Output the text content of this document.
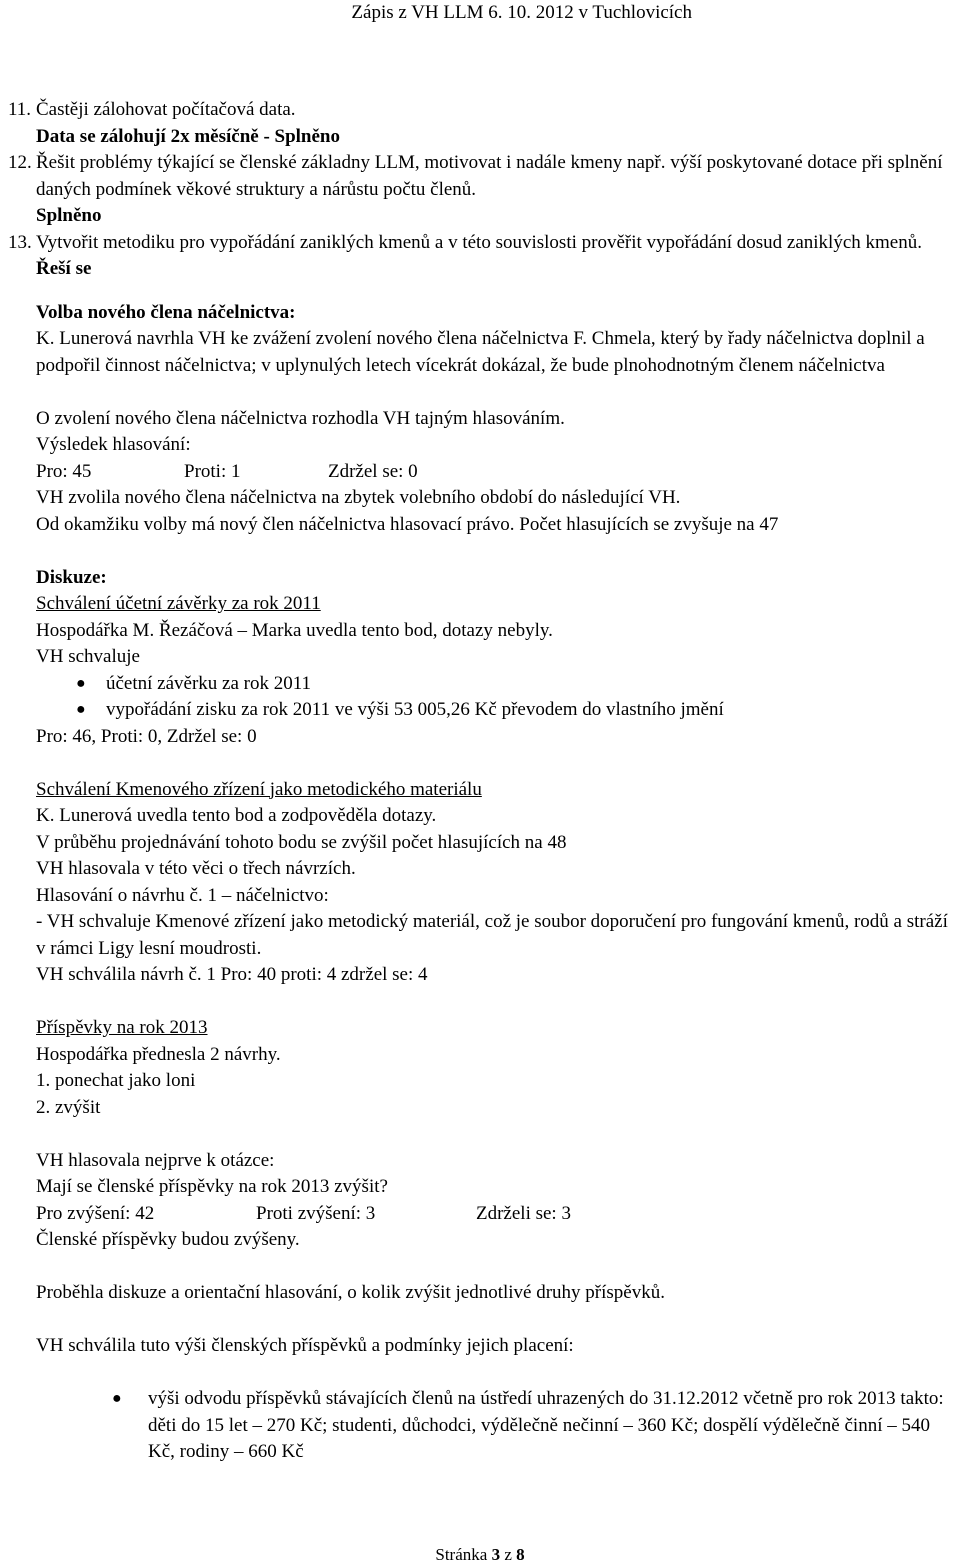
Zápis z VH LLM 6. 10. 2012 v Tuchlovicích
11. Častěji zálohovat počítačová data.
Data se zálohují 2x měsíčně - Splněno
12. Řešit problémy týkající se členské základny LLM, motivovat i nadále kmeny např. výší poskytované dotace při splnění daných podmínek věkové struktury a nárůstu počtu členů.
Splněno
13. Vytvořit metodiku pro vypořádání zaniklých kmenů a v této souvislosti prověřit vypořádání dosud zaniklých kmenů.
Řeší se
Volba nového člena náčelnictva:
K. Lunerová navrhla VH ke zvážení zvolení nového člena náčelnictva F. Chmela, který by řady náčelnictva doplnil a podpořil činnost náčelnictva; v uplynulých letech vícekrát dokázal, že bude plnohodnotným členem náčelnictva
O zvolení nového člena náčelnictva rozhodla VH tajným hlasováním.
Výsledek hlasování:
Pro: 45	Proti: 1	Zdržel se: 0
VH zvolila nového člena náčelnictva na zbytek volebního období do následující VH.
Od okamžiku volby má nový člen náčelnictva hlasovací právo. Počet hlasujících se zvyšuje na 47
Diskuze:
Schválení účetní závěrky za rok 2011
Hospodářka M. Řezáčová – Marka uvedla tento bod, dotazy nebyly.
VH schvaluje
●	účetní závěrku za rok 2011
●	vypořádání zisku za rok 2011 ve výši 53 005,26 Kč převodem do vlastního jmění
Pro: 46, Proti: 0, Zdržel se: 0
Schválení Kmenového zřízení jako metodického materiálu
K. Lunerová uvedla tento bod a zodpověděla dotazy.
V průběhu projednávání tohoto bodu se zvýšil počet hlasujících na 48
VH hlasovala v této věci o třech návrzích.
Hlasování o návrhu č. 1 – náčelnictvo:
- VH schvaluje Kmenové zřízení jako metodický materiál, což je soubor doporučení pro fungování kmenů, rodů a stráží v rámci Ligy lesní moudrosti.
VH schválila návrh č. 1 Pro: 40 proti: 4 zdržel se: 4
Příspěvky na rok 2013
Hospodářka přednesla 2 návrhy.
1. ponechat jako loni
2. zvýšit
VH hlasovala nejprve k otázce:
Mají se členské příspěvky na rok 2013 zvýšit?
Pro zvýšení: 42	Proti zvýšení: 3	Zdrželi se: 3
Členské příspěvky budou zvýšeny.
Proběhla diskuze a orientační hlasování, o kolik zvýšit jednotlivé druhy příspěvků.
VH schválila tuto výši členských příspěvků a podmínky jejich placení:
●	výši odvodu příspěvků stávajících členů na ústředí uhrazených do 31.12.2012 včetně pro rok 2013 takto: děti do 15 let – 270 Kč; studenti, důchodci, výdělečně nečinní – 360 Kč; dospělí výdělečně činní – 540 Kč, rodiny – 660 Kč
Stránka 3 z 8
